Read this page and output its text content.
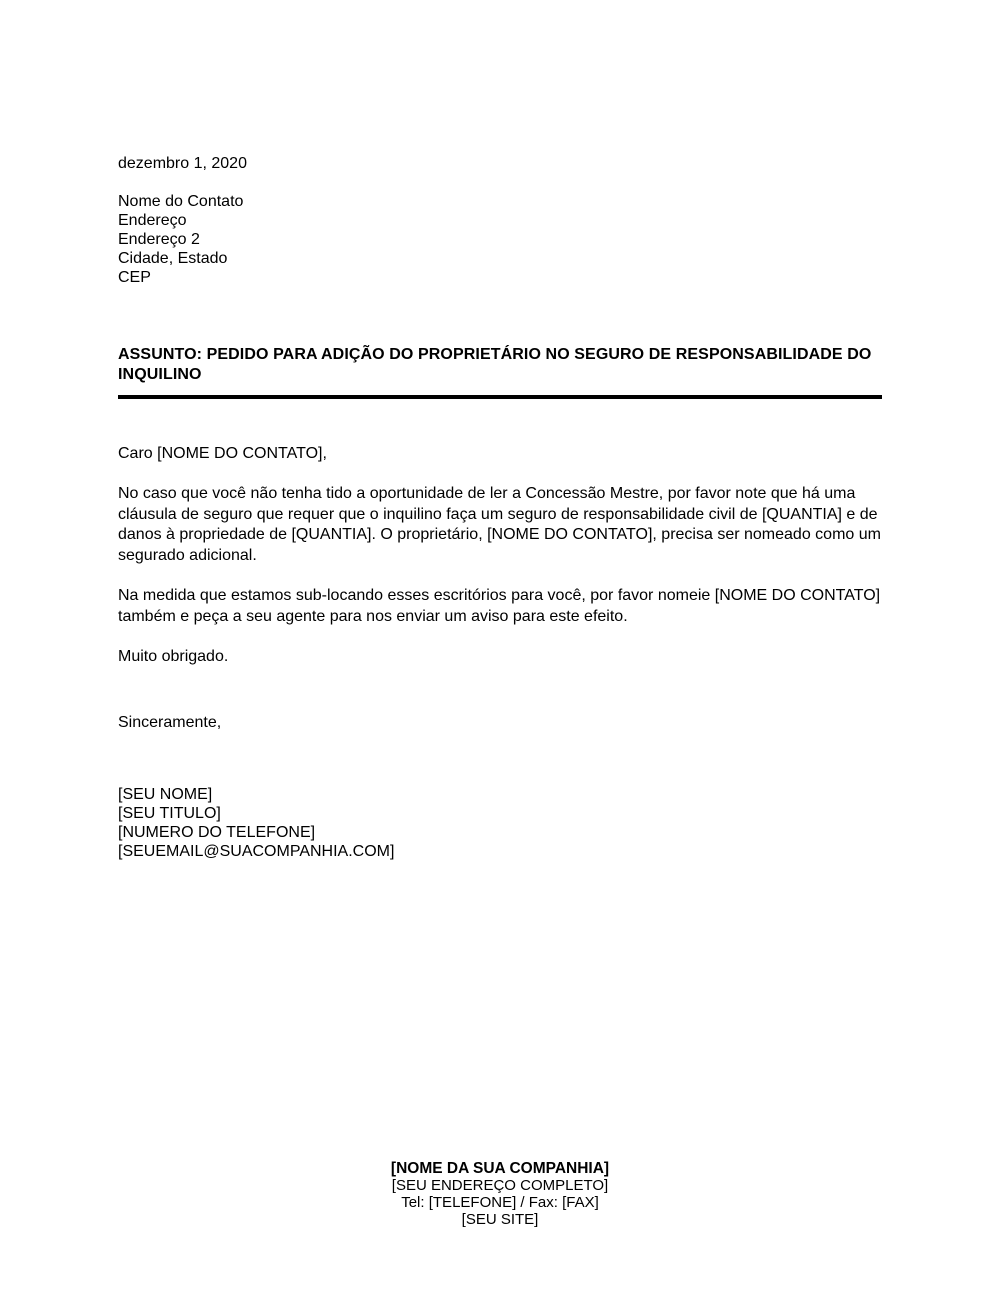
dezembro 1, 2020
Nome do Contato
Endereço
Endereço 2
Cidade, Estado
CEP
ASSUNTO: PEDIDO PARA ADIÇÃO DO PROPRIETÁRIO NO SEGURO DE RESPONSABILIDADE DO INQUILINO
Caro [NOME DO CONTATO],

No caso que você não tenha tido a oportunidade de ler a Concessão Mestre, por favor note que há uma cláusula de seguro que requer que o inquilino faça um seguro de responsabilidade civil de [QUANTIA] e de danos à propriedade de [QUANTIA]. O proprietário, [NOME DO CONTATO], precisa ser nomeado como um segurado adicional.

Na medida que estamos sub-locando esses escritórios para você, por favor nomeie [NOME DO CONTATO] também e peça a seu agente para nos enviar um aviso para este efeito.

Muito obrigado.

Sinceramente,
[SEU NOME]
[SEU TITULO]
[NUMERO DO TELEFONE]
[SEUEMAIL@SUACOMPANHIA.COM]
[NOME DA SUA COMPANHIA]
[SEU ENDEREÇO COMPLETO]
Tel: [TELEFONE] / Fax: [FAX]
[SEU SITE]
